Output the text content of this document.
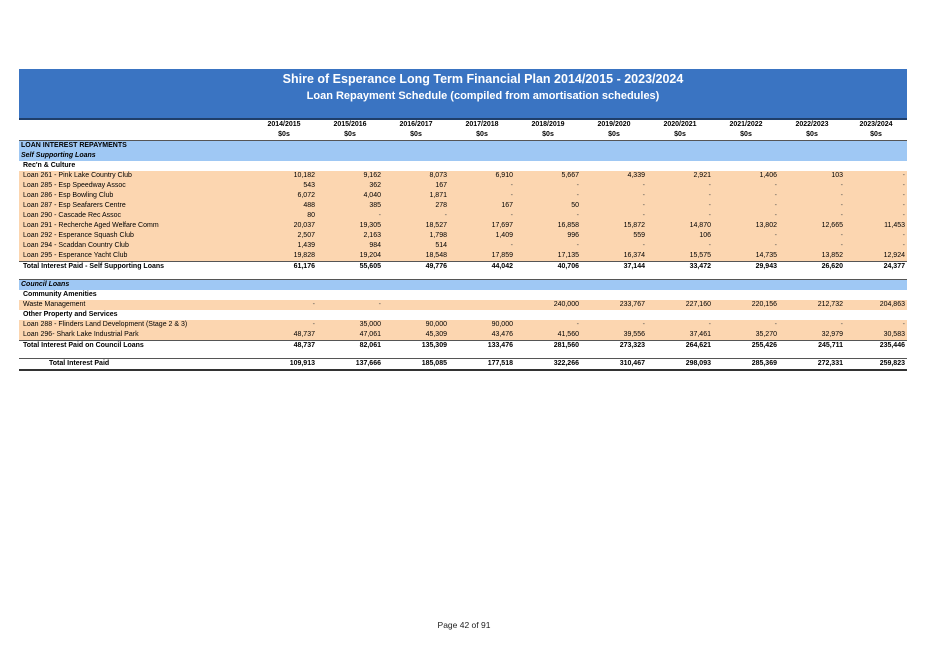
Shire of Esperance Long Term Financial Plan 2014/2015 - 2023/2024
Loan Repayment Schedule (compiled from amortisation schedules)
	2014/2015	2015/2016	2016/2017	2017/2018	2018/2019	2019/2020	2020/2021	2021/2022	2022/2023	2023/2024
	$0s	$0s	$0s	$0s	$0s	$0s	$0s	$0s	$0s	$0s
LOAN INTEREST REPAYMENTS										
Self Supporting Loans										
Rec'n & Culture										
Loan 261 - Pink Lake Country Club	10,182	9,162	8,073	6,910	5,667	4,339	2,921	1,406	103	-
Loan 285 - Esp Speedway Assoc	543	362	167	-	-	-	-	-	-	-
Loan 286 - Esp Bowling Club	6,072	4,040	1,871	-	-	-	-	-	-	-
Loan 287 - Esp Seafarers Centre	488	385	278	167	50	-	-	-	-	-
Loan 290 - Cascade Rec Assoc	80	-	-	-	-	-	-	-	-	-
Loan 291 - Recherche Aged Welfare Comm	20,037	19,305	18,527	17,697	16,858	15,872	14,870	13,802	12,665	11,453
Loan 292 - Esperance Squash Club	2,507	2,163	1,798	1,409	996	559	106	-	-	-
Loan 294 - Scaddan Country Club	1,439	984	514	-	-	-	-	-	-	-
Loan 295 - Esperance Yacht Club	19,828	19,204	18,548	17,859	17,135	16,374	15,575	14,735	13,852	12,924
Total Interest Paid - Self Supporting Loans	61,176	55,605	49,776	44,042	40,706	37,144	33,472	29,943	26,620	24,377

Council Loans										
Community Amenities										
Waste Management	-	-			240,000	233,767	227,160	220,156	212,732	204,863
Other Property and Services										
Loan 288 - Flinders Land Development (Stage 2 & 3)	-	35,000	90,000	90,000	-	-	-	-	-	-
Loan 296- Shark Lake Industrial Park	48,737	47,061	45,309	43,476	41,560	39,556	37,461	35,270	32,979	30,583
Total Interest Paid on Council Loans	48,737	82,061	135,309	133,476	281,560	273,323	264,621	255,426	245,711	235,446

Total Interest Paid	109,913	137,666	185,085	177,518	322,266	310,467	298,093	285,369	272,331	259,823
Page 42 of 91
